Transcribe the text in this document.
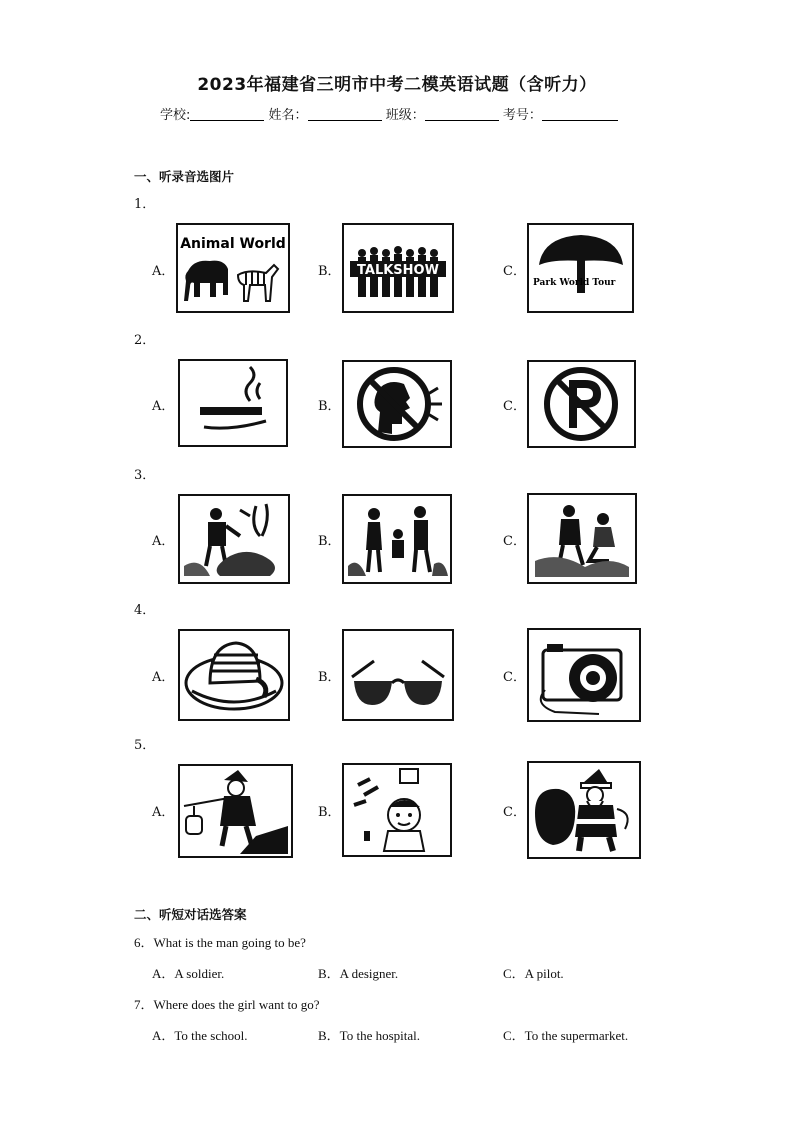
2023年福建省三明市中考二模英语试题（含听力）
学校:	姓名：	班级：	考号：
一、听录音选图片
1．
A．
Animal World
B． TALKSHOW	C．
Park World Tour
2．
A．	B．	C．
3．
A．	B．	C．
4．
A．	B．	C．
5．
A．	B．	C．
二、听短对话选答案
6．What is the man going to be?
A．A soldier.	B．A designer.	C．A pilot.
7．Where does the girl want to go?
A．To the school.	B．To the hospital.	C．To the supermarket.
